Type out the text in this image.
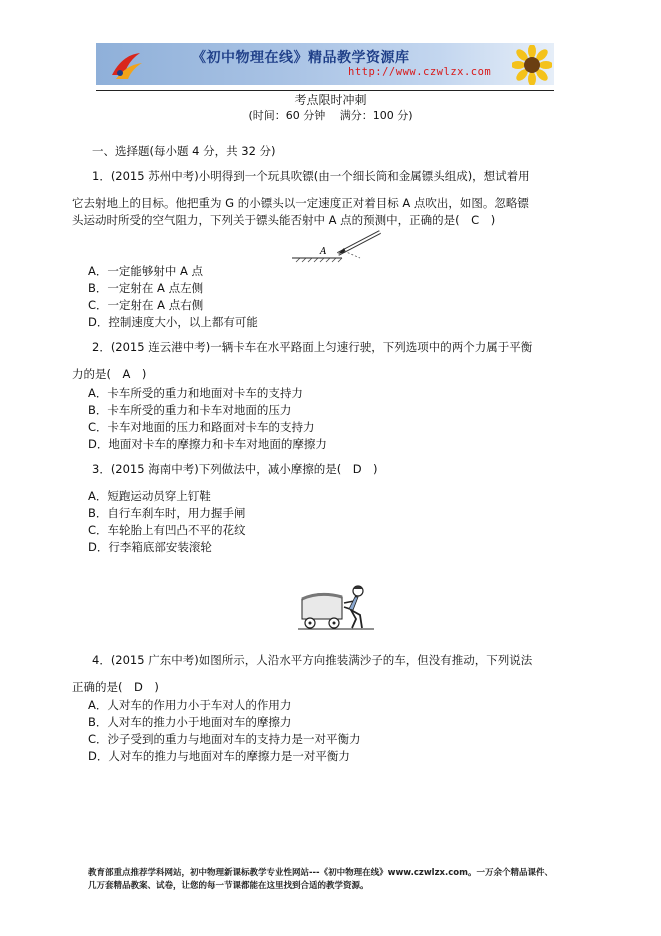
《初中物理在线》精品教学资源库
http://www.czwlzx.com
考点限时冲刺
(时间：60 分钟　 满分：100 分)
一、选择题(每小题 4 分，共 32 分)
1．(2015 苏州中考)小明得到一个玩具吹镖(由一个细长筒和金属镖头组成)，想试着用
它去射地上的目标。他把重为 G 的小镖头以一定速度正对着目标 A 点吹出，如图。忽略镖
头运动时所受的空气阻力，下列关于镖头能否射中 A 点的预测中，正确的是(　C　)
A
A．一定能够射中 A 点
B．一定射在 A 点左侧
C．一定射在 A 点右侧
D．控制速度大小，以上都有可能
2．(2015 连云港中考)一辆卡车在水平路面上匀速行驶，下列选项中的两个力属于平衡
力的是(　A　)
A．卡车所受的重力和地面对卡车的支持力
B．卡车所受的重力和卡车对地面的压力
C．卡车对地面的压力和路面对卡车的支持力
D．地面对卡车的摩擦力和卡车对地面的摩擦力
3．(2015 海南中考)下列做法中，减小摩擦的是(　D　)
A．短跑运动员穿上钉鞋
B．自行车刹车时，用力握手闸
C．车轮胎上有凹凸不平的花纹
D．行李箱底部安装滚轮
4．(2015 广东中考)如图所示，人沿水平方向推装满沙子的车，但没有推动，下列说法
正确的是(　D　)
A．人对车的作用力小于车对人的作用力
B．人对车的推力小于地面对车的摩擦力
C．沙子受到的重力与地面对车的支持力是一对平衡力
D．人对车的推力与地面对车的摩擦力是一对平衡力
教育部重点推荐学科网站，初中物理新课标教学专业性网站---《初中物理在线》www.czwlzx.com。一万余个精品课件、
几万套精品教案、试卷，让您的每一节课都能在这里找到合适的教学资源。
